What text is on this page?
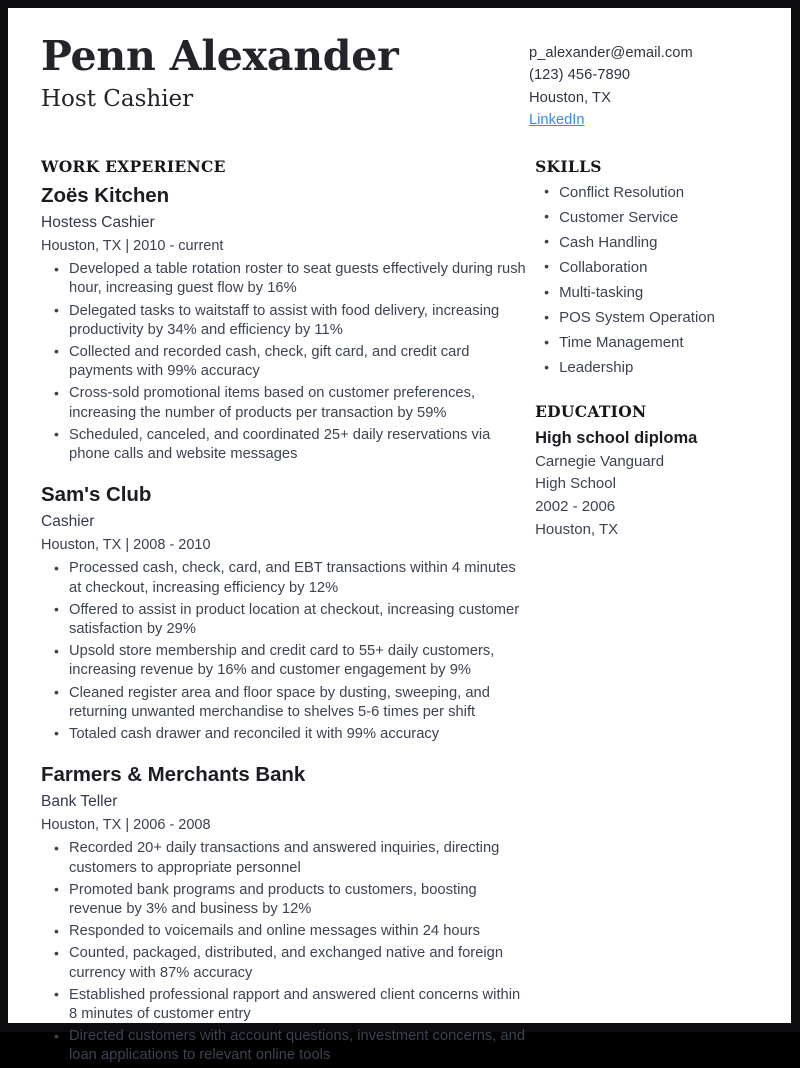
Penn Alexander
Host Cashier
p_alexander@email.com
(123) 456-7890
Houston, TX
LinkedIn
WORK EXPERIENCE
Zoës Kitchen
Hostess Cashier
Houston, TX | 2010 - current
• Developed a table rotation roster to seat guests effectively during rush hour, increasing guest flow by 16%
• Delegated tasks to waitstaff to assist with food delivery, increasing productivity by 34% and efficiency by 11%
• Collected and recorded cash, check, gift card, and credit card payments with 99% accuracy
• Cross-sold promotional items based on customer preferences, increasing the number of products per transaction by 59%
• Scheduled, canceled, and coordinated 25+ daily reservations via phone calls and website messages
Sam's Club
Cashier
Houston, TX | 2008 - 2010
• Processed cash, check, card, and EBT transactions within 4 minutes at checkout, increasing efficiency by 12%
• Offered to assist in product location at checkout, increasing customer satisfaction by 29%
• Upsold store membership and credit card to 55+ daily customers, increasing revenue by 16% and customer engagement by 9%
• Cleaned register area and floor space by dusting, sweeping, and returning unwanted merchandise to shelves 5-6 times per shift
• Totaled cash drawer and reconciled it with 99% accuracy
Farmers & Merchants Bank
Bank Teller
Houston, TX | 2006 - 2008
• Recorded 20+ daily transactions and answered inquiries, directing customers to appropriate personnel
• Promoted bank programs and products to customers, boosting revenue by 3% and business by 12%
• Responded to voicemails and online messages within 24 hours
• Counted, packaged, distributed, and exchanged native and foreign currency with 87% accuracy
• Established professional rapport and answered client concerns within 8 minutes of customer entry
• Directed customers with account questions, investment concerns, and loan applications to relevant online tools
SKILLS
• Conflict Resolution
• Customer Service
• Cash Handling
• Collaboration
• Multi-tasking
• POS System Operation
• Time Management
• Leadership
EDUCATION
High school diploma
Carnegie Vanguard
High School
2002 - 2006
Houston, TX
